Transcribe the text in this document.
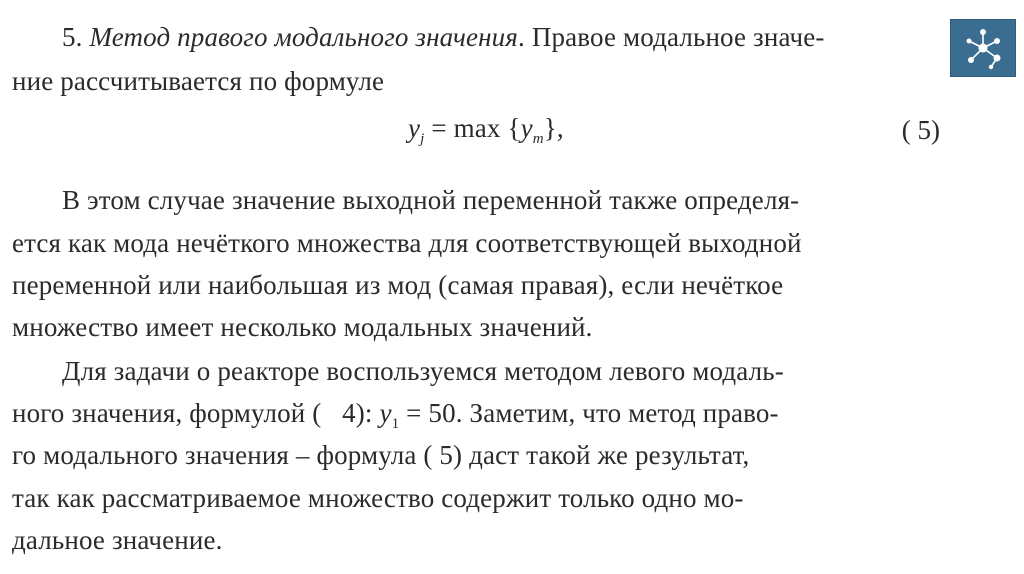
5. Метод правого модального значения. Правое модальное значе-
ние рассчитывается по формуле
$y_j = \max \{y_m\}$,	( 5)
В этом случае значение выходной переменной также определя-
ется как мода нечёткого множества для соответствующей выходной
переменной или наибольшая из мод (самая правая), если нечёткое
множество имеет несколько модальных значений.
Для задачи о реакторе воспользуемся методом левого модаль-
ного значения, формулой (   4): $y_1 = 50$. Заметим, что метод право-
го модального значения – формула ( 5) даст такой же результат,
так как рассматриваемое множество содержит только одно мо-
дальное значение.
